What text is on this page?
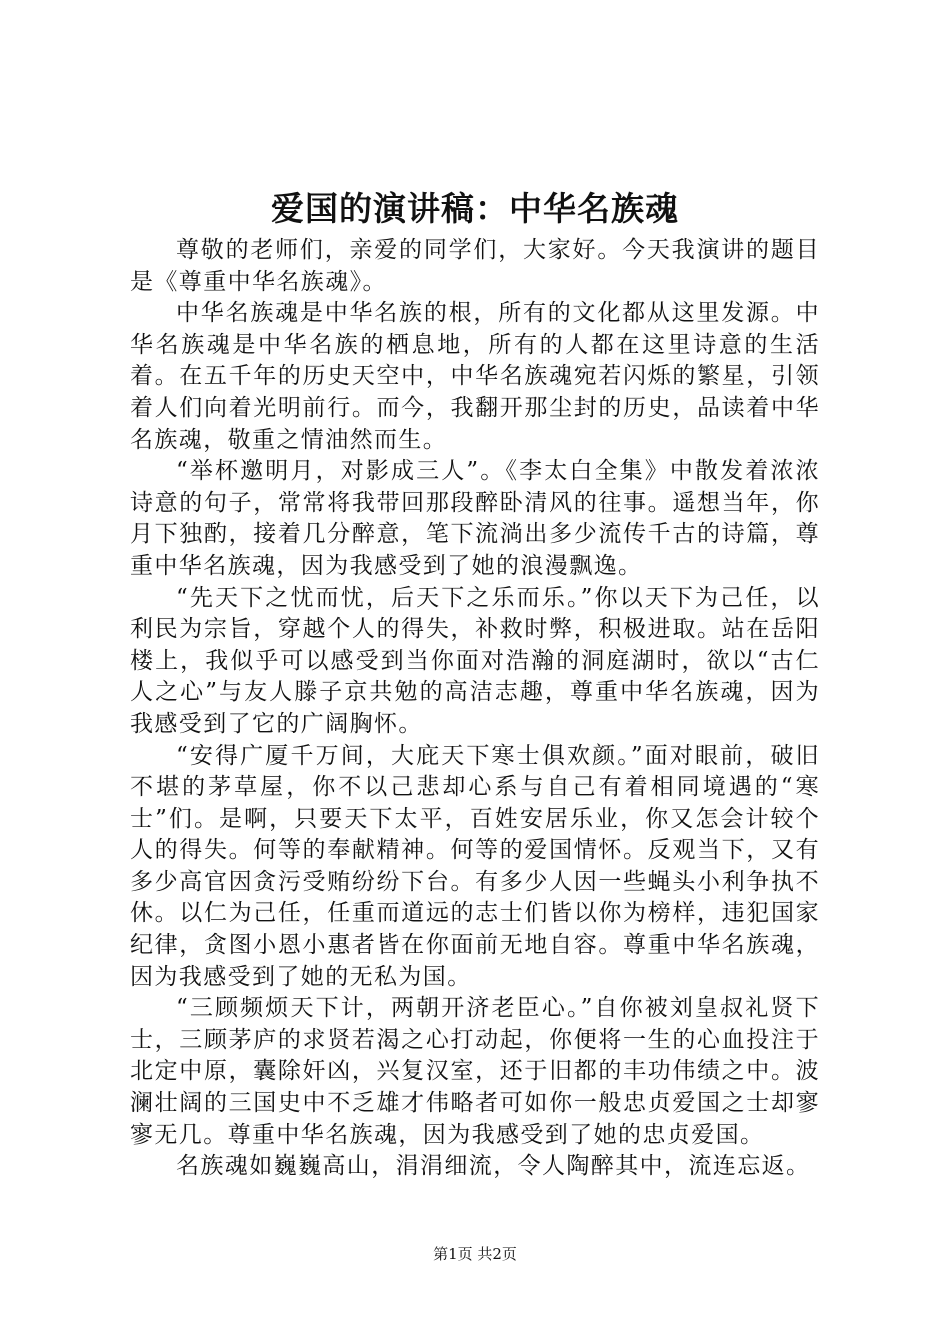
爱国的演讲稿：中华名族魂

尊敬的老师们，亲爱的同学们，大家好。今天我演讲的题目是《尊重中华名族魂》。

中华名族魂是中华名族的根，所有的文化都从这里发源。中华名族魂是中华名族的栖息地，所有的人都在这里诗意的生活着。在五千年的历史天空中，中华名族魂宛若闪烁的繁星，引领着人们向着光明前行。而今，我翻开那尘封的历史，品读着中华名族魂，敬重之情油然而生。

“举杯邀明月，对影成三人”。《李太白全集》中散发着浓浓诗意的句子，常常将我带回那段醉卧清风的往事。遥想当年，你月下独酌，接着几分醉意，笔下流淌出多少流传千古的诗篇，尊重中华名族魂，因为我感受到了她的浪漫飘逸。

“先天下之忧而忧，后天下之乐而乐。”你以天下为己任，以利民为宗旨，穿越个人的得失，补救时弊，积极进取。站在岳阳楼上，我似乎可以感受到当你面对浩瀚的洞庭湖时，欲以“古仁人之心”与友人滕子京共勉的高洁志趣，尊重中华名族魂，因为我感受到了它的广阔胸怀。

“安得广厦千万间，大庇天下寒士俱欢颜。”面对眼前，破旧不堪的茅草屋，你不以己悲却心系与自己有着相同境遇的“寒士”们。是啊，只要天下太平，百姓安居乐业，你又怎会计较个人的得失。何等的奉献精神。何等的爱国情怀。反观当下，又有多少高官因贪污受贿纷纷下台。有多少人因一些蝇头小利争执不休。以仁为己任，任重而道远的志士们皆以你为榜样，违犯国家纪律，贪图小恩小惠者皆在你面前无地自容。尊重中华名族魂，因为我感受到了她的无私为国。

“三顾频烦天下计，两朝开济老臣心。”自你被刘皇叔礼贤下士，三顾茅庐的求贤若渴之心打动起，你便将一生的心血投注于北定中原，囊除奸凶，兴复汉室，还于旧都的丰功伟绩之中。波澜壮阔的三国史中不乏雄才伟略者可如你一般忠贞爱国之士却寥寥无几。尊重中华名族魂，因为我感受到了她的忠贞爱国。

名族魂如巍巍高山，涓涓细流，令人陶醉其中，流连忘返。

第1页 共2页
